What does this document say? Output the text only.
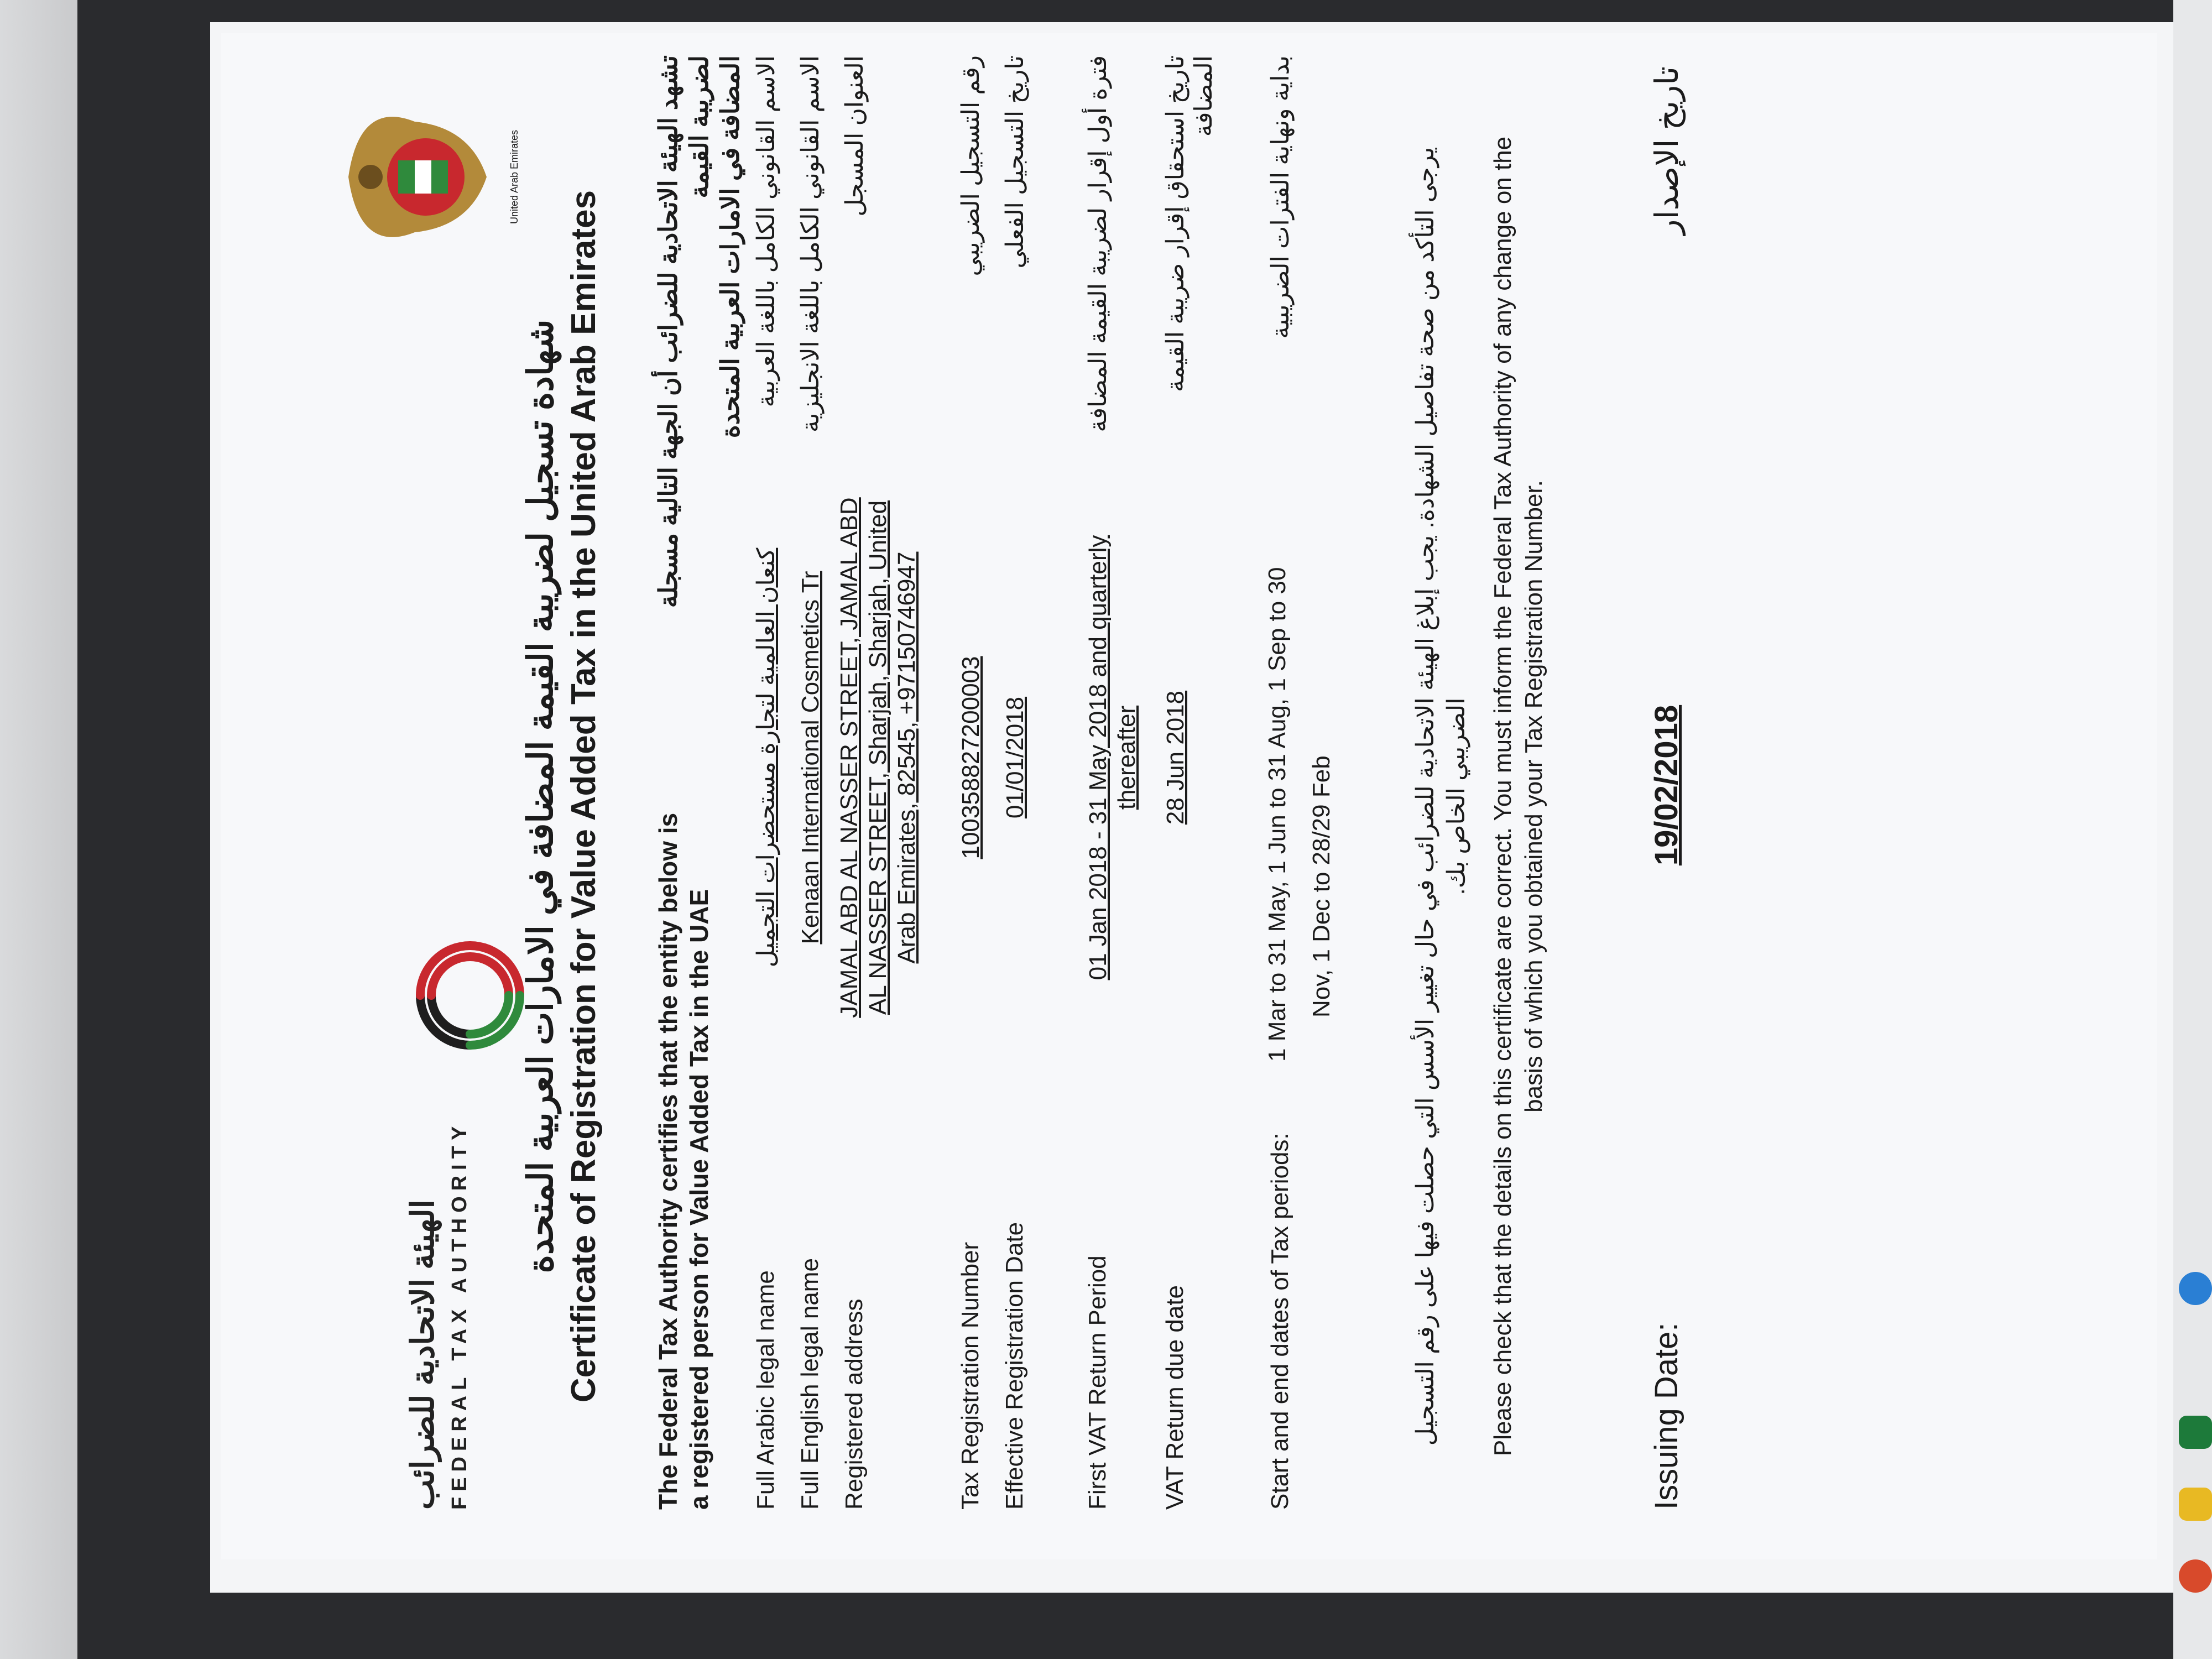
الهيئة الاتحادية للضرائب FEDERAL TAX AUTHORITY
United Arab Emirates
شهادة تسجيل لضريبة القيمة المضافة في الامارات العربية المتحدة Certificate of Registration for Value Added Tax in the United Arab Emirates The Federal Tax Authority certifies that the entity below is a registered person for Value Added Tax in the UAE
تشهد الهيئة الاتحادية للضرائب أن الجهة التالية مسجلة لضريبة القيمة المضافة في الامارات العربية المتحدة
Full Arabic legal name
كنعان العالمية لتجارة مستحضرات التجميل
الاسم القانوني الكامل باللغة العربية
Full English legal name
Kenaan International Cosmetics Tr
الاسم القانوني الكامل باللغة الانجليزية
Registered address
JAMAL ABD AL NASSER STREET, JAMAL ABD AL NASSER STREET, Sharjah, Sharjah, United Arab Emirates, 82545, +97150746947
العنوان المسجل
Tax Registration Number
100358827200003
رقم التسجيل الضريبي
Effective Registration Date
01/01/2018
تاريخ التسجيل الفعلي
First VAT Return Period
01 Jan 2018 - 31 May 2018 and quarterly thereafter
فترة أول إقرار لضريبة القيمة المضافة
VAT Return due date
28 Jun 2018
تاريخ استحقاق إقرار ضريبة القيمة المضافة
Start and end dates of Tax periods:
1 Mar to 31 May, 1 Jun to 31 Aug, 1 Sep to 30 Nov, 1 Dec to 28/29 Feb
بداية ونهاية الفترات الضريبية	يرجى التأكد من صحة تفاصيل الشهادة. يجب إبلاغ الهيئة الاتحادية للضرائب في حال تغيير الأسس التي حصلت فيها على رقم التسجيل الضريبي الخاص بك. Please check that the details on this certificate are correct. You must inform the Federal Tax Authority of any change on the basis of which you obtained your Tax Registration Number.
Issuing Date:
19/02/2018
تاريخ الإصدار
